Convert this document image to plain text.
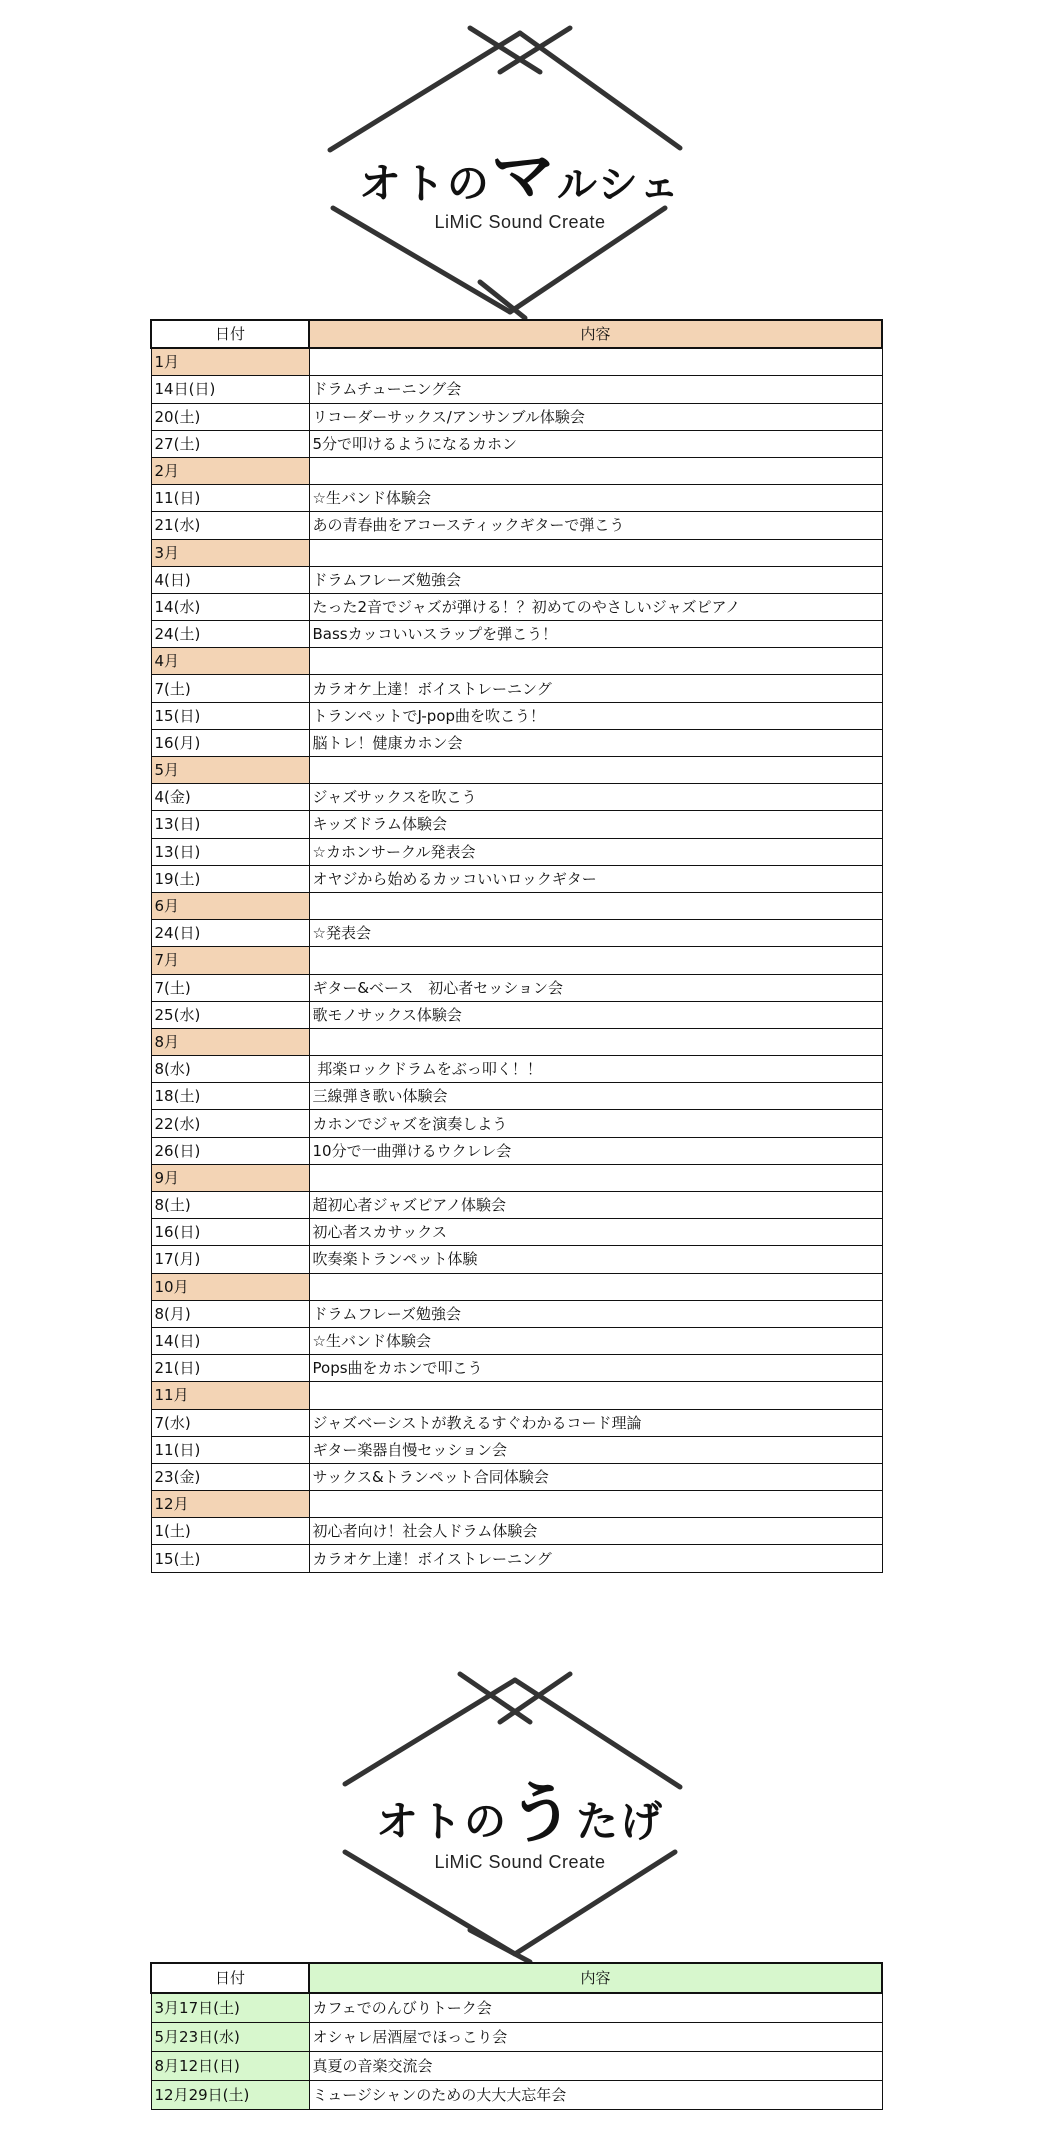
オトのマルシェ
LiMiC Sound Create
日付	内容
1月	
14日(日)	ドラムチューニング会
20(土)	リコーダーサックス/アンサンブル体験会
27(土)	5分で叩けるようになるカホン
2月	
11(日)	☆生バンド体験会
21(水)	あの青春曲をアコースティックギターで弾こう
3月	
4(日)	ドラムフレーズ勉強会
14(水)	たった2音でジャズが弾ける！？初めてのやさしいジャズピアノ
24(土)	Bassカッコいいスラップを弾こう！
4月	
7(土)	カラオケ上達！ボイストレーニング
15(日)	トランペットでJ-pop曲を吹こう！
16(月)	脳トレ！健康カホン会
5月	
4(金)	ジャズサックスを吹こう
13(日)	キッズドラム体験会
13(日)	☆カホンサークル発表会
19(土)	オヤジから始めるカッコいいロックギター
6月	
24(日)	☆発表会
7月	
7(土)	ギター&ベース　初心者セッション会
25(水)	歌モノサックス体験会
8月	
8(水)	邦楽ロックドラムをぶっ叩く！！
18(土)	三線弾き歌い体験会
22(水)	カホンでジャズを演奏しよう
26(日)	10分で一曲弾けるウクレレ会
9月	
8(土)	超初心者ジャズピアノ体験会
16(日)	初心者スカサックス
17(月)	吹奏楽トランペット体験
10月	
8(月)	ドラムフレーズ勉強会
14(日)	☆生バンド体験会
21(日)	Pops曲をカホンで叩こう
11月	
7(水)	ジャズベーシストが教えるすぐわかるコード理論
11(日)	ギター楽器自慢セッション会
23(金)	サックス&トランペット合同体験会
12月	
1(土)	初心者向け！社会人ドラム体験会
15(土)	カラオケ上達！ボイストレーニング
オトのうたげ
LiMiC Sound Create
日付	内容
3月17日(土)	カフェでのんびりトーク会
5月23日(水)	オシャレ居酒屋でほっこり会
8月12日(日)	真夏の音楽交流会
12月29日(土)	ミュージシャンのための大大大忘年会
